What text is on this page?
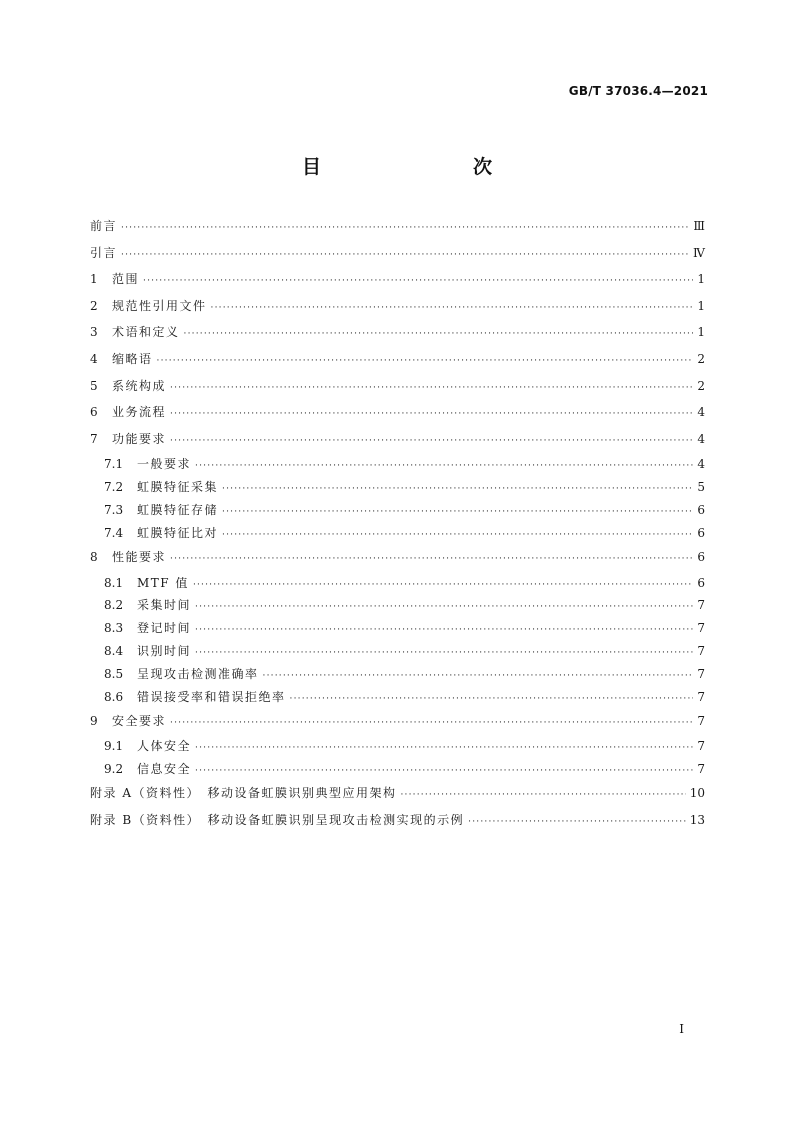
GB/T 37036.4—2021
目　　次
前言 ·····	Ⅲ
引言 ·····	Ⅳ
1	范围 ·····	1
2	规范性引用文件 ·····	1
3	术语和定义 ·····	1
4	缩略语 ·····	2
5	系统构成 ·····	2
6	业务流程 ·····	4
7	功能要求 ·····	4
7.1	一般要求 ·····	4
7.2	虹膜特征采集 ·····	5
7.3	虹膜特征存储 ·····	6
7.4	虹膜特征比对 ·····	6
8	性能要求 ·····	6
8.1	MTF 值 ·····	6
8.2	采集时间 ·····	7
8.3	登记时间 ·····	7
8.4	识别时间 ·····	7
8.5	呈现攻击检测准确率 ·····	7
8.6	错误接受率和错误拒绝率 ·····	7
9	安全要求 ·····	7
9.1	人体安全 ·····	7
9.2	信息安全 ·····	7
附录 A（资料性）　移动设备虹膜识别典型应用架构 ·····	10
附录 B（资料性）　移动设备虹膜识别呈现攻击检测实现的示例 ·····	13
Ⅰ
